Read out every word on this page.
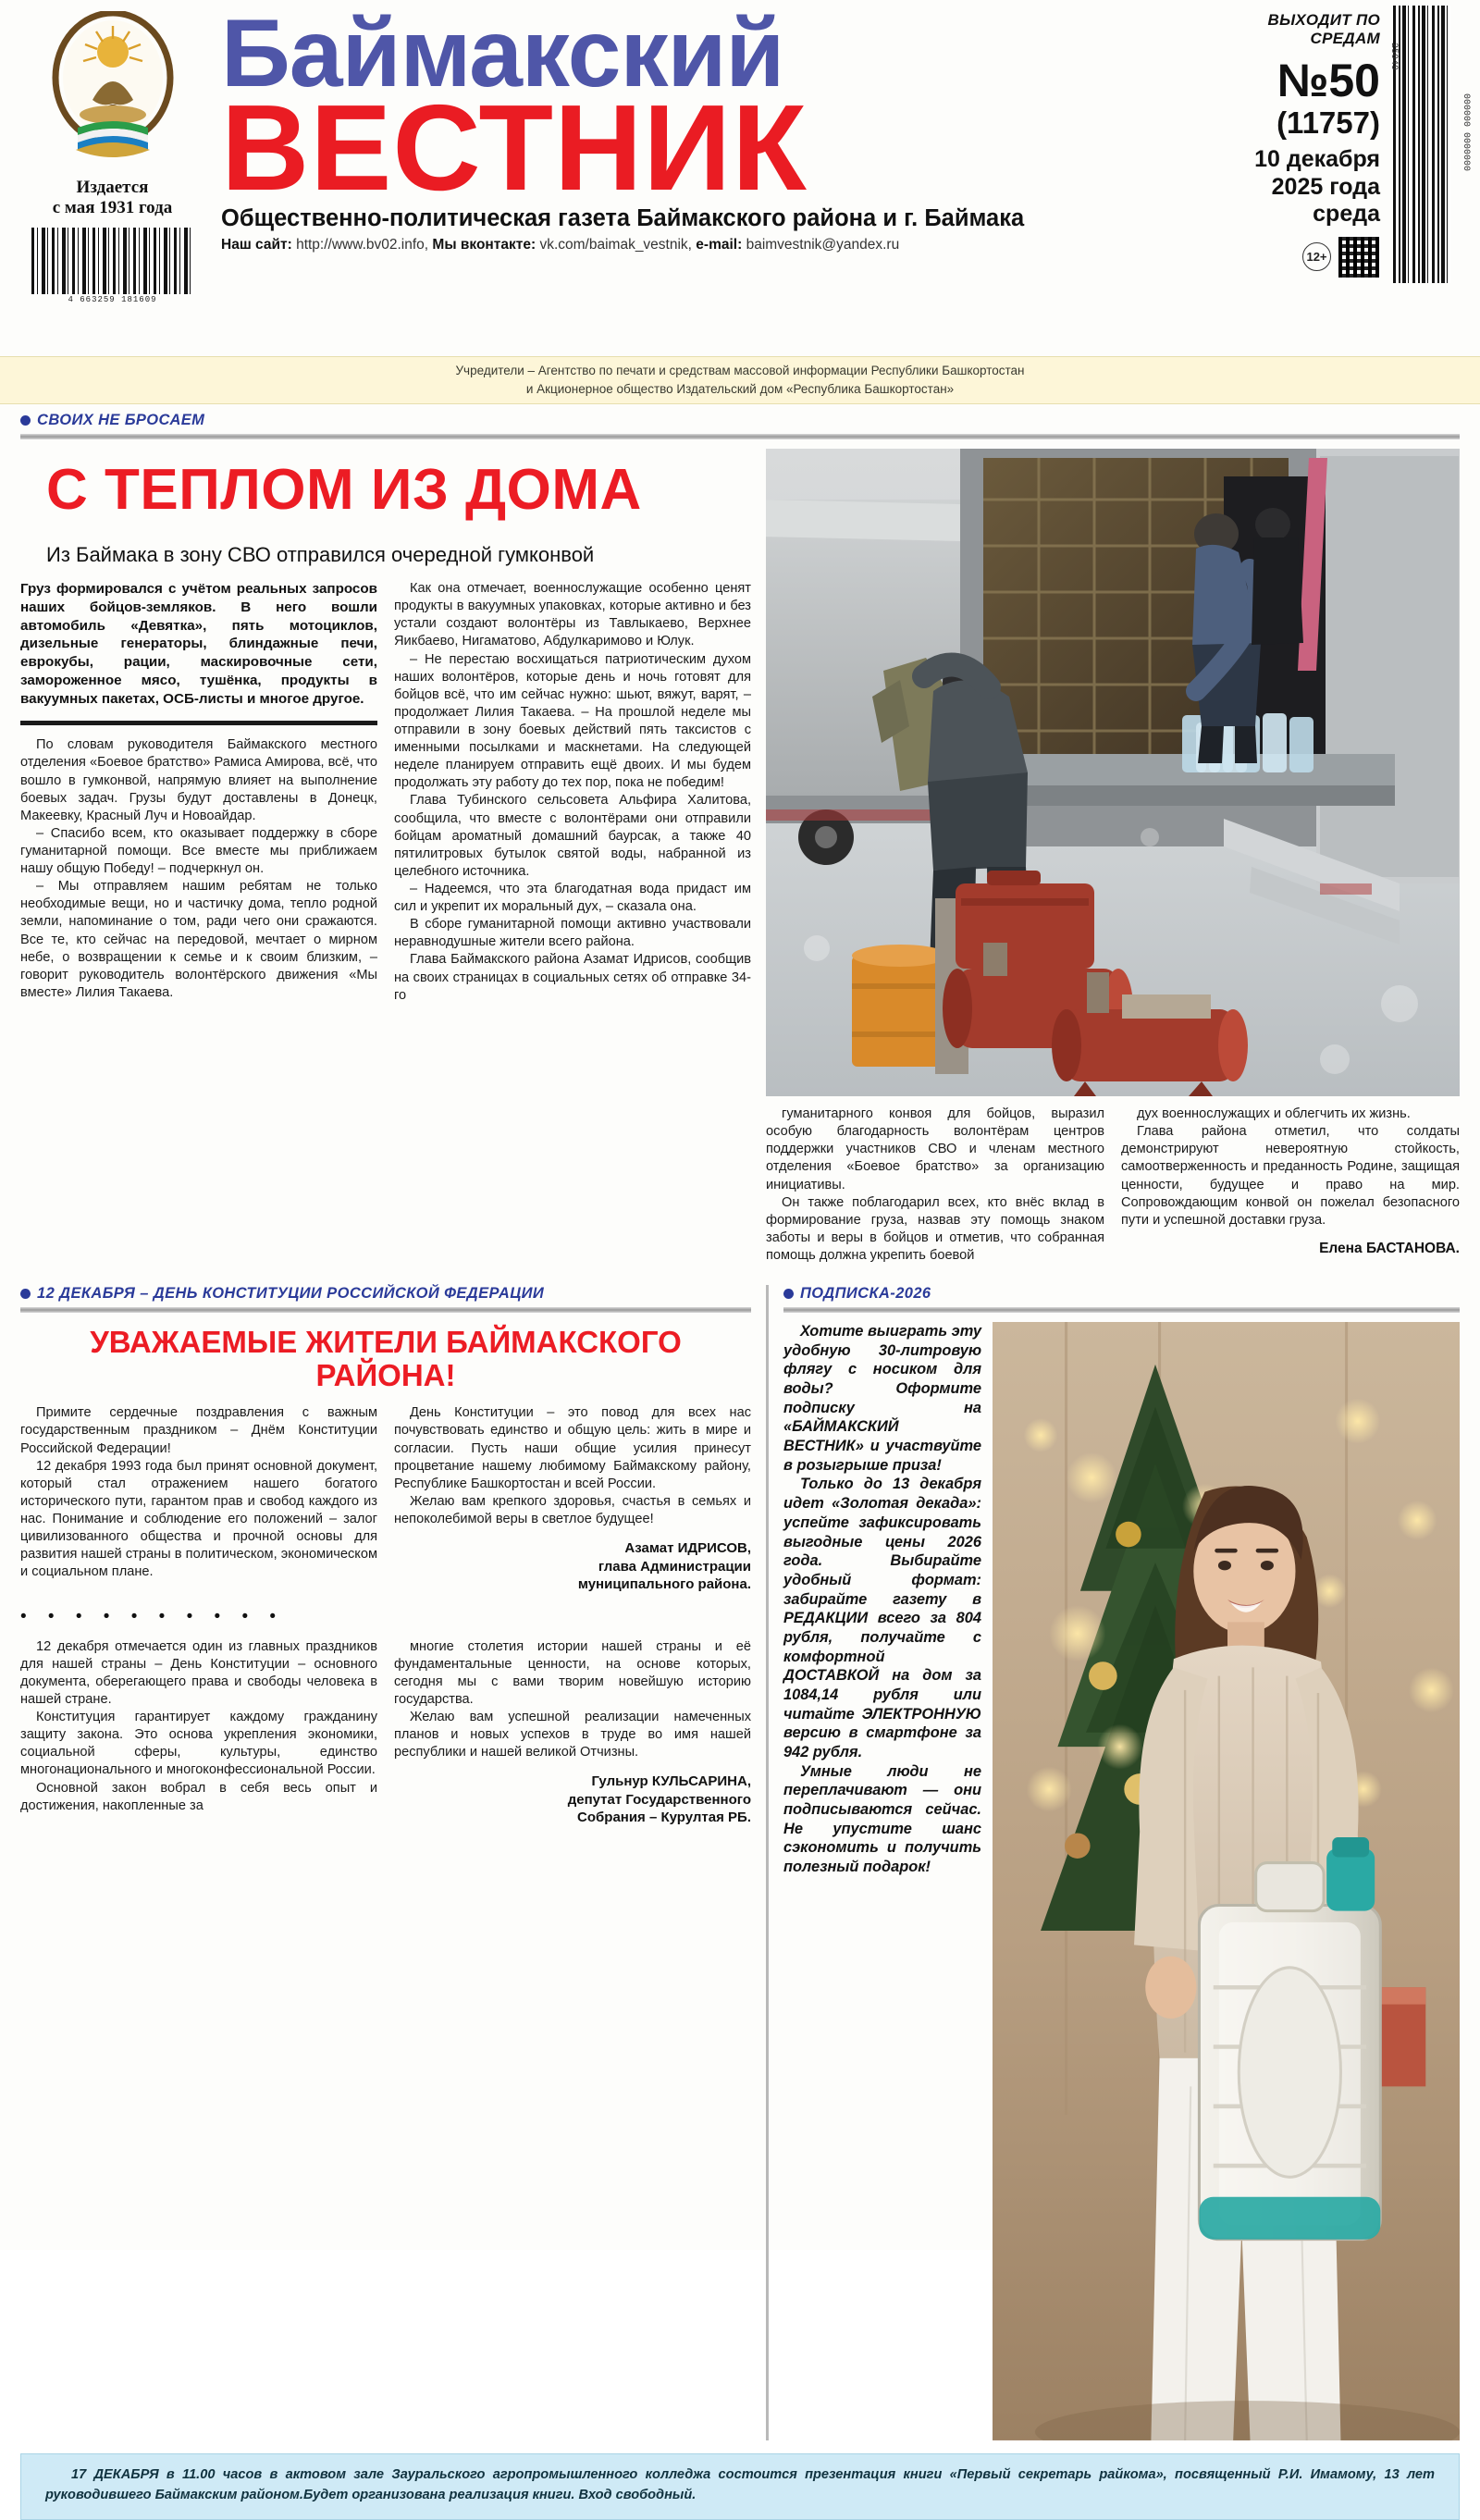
Издается
с мая 1931 года
4 663259 181609
Баймакский
ВЕСТНИК
Общественно-политическая газета Баймакского района и г. Баймака
Наш сайт: http://www.bv02.info, Мы вконтакте: vk.com/baimak_vestnik, e-mail: baimvestnik@yandex.ru
ВЫХОДИТ ПО СРЕДАМ
№50
(11757)
10 декабря
2025 года
среда
12+
25049
000000 0000000
Учредители – Агентство по печати и средствам массовой информации Республики Башкортостан
и Акционерное общество Издательский дом «Республика Башкортостан»
СВОИХ НЕ БРОСАЕМ
С ТЕПЛОМ ИЗ ДОМА
Из Баймака в зону СВО отправился очередной гумконвой
Груз формировался с учётом реальных запросов наших бойцов-земляков. В него вошли автомобиль «Девятка», пять мотоциклов, дизельные генераторы, блиндажные печи, еврокубы, рации, маскировочные сети, замороженное мясо, тушёнка, продукты в вакуумных пакетах, ОСБ-листы и многое другое.

По словам руководителя Баймакского местного отделения «Боевое братство» Рамиса Амирова, всё, что вошло в гумконвой, напрямую влияет на выполнение боевых задач. Грузы будут доставлены в Донецк, Макеевку, Красный Луч и Новоайдар.

– Спасибо всем, кто оказывает поддержку в сборе гуманитарной помощи. Все вместе мы приближаем нашу общую Победу! – подчеркнул он.

– Мы отправляем нашим ребятам не только необходимые вещи, но и частичку дома, тепло родной земли, напоминание о том, ради чего они сражаются. Все те, кто сейчас на передовой, мечтает о мирном небе, о возвращении к семье и к своим близким, – говорит руководитель волонтёрского движения «Мы вместе» Лилия Такаева.

Как она отмечает, военнослужащие особенно ценят продукты в вакуумных упаковках, которые активно и без устали создают волонтёры из Тавлыкаево, Верхнее Яикбаево, Нигаматово, Абдулкаримово и Юлук.

– Не перестаю восхищаться патриотическим духом наших волонтёров, которые день и ночь готовят для бойцов всё, что им сейчас нужно: шьют, вяжут, варят, – продолжает Лилия Такаева. – На прошлой неделе мы отправили в зону боевых действий пять таксистов с именными посылками и маскнетами. На следующей неделе планируем отправить ещё двоих. И мы будем продолжать эту работу до тех пор, пока не победим!

Глава Тубинского сельсовета Альфира Халитова, сообщила, что вместе с волонтёрами они отправили бойцам ароматный домашний баурсак, а также 40 пятилитровых бутылок святой воды, набранной из целебного источника.

– Надеемся, что эта благодатная вода придаст им сил и укрепит их моральный дух, – сказала она.

В сборе гуманитарной помощи активно участвовали неравнодушные жители всего района.

Глава Баймакского района Азамат Идрисов, сообщив на своих страницах в социальных сетях об отправке 34-го

гуманитарного конвоя для бойцов, выразил особую благодарность волонтёрам центров поддержки участников СВО и членам местного отделения «Боевое братство» за организацию инициативы.

Он также поблагодарил всех, кто внёс вклад в формирование груза, назвав эту помощь знаком заботы и веры в бойцов и отметив, что собранная помощь должна укрепить боевой

дух военнослужащих и облегчить их жизнь.

Глава района отметил, что солдаты демонстрируют невероятную стойкость, самоотверженность и преданность Родине, защищая ценности, будущее и право на мир. Сопровождающим конвой он пожелал безопасного пути и успешной доставки груза.

Елена БАСТАНОВА.
12 ДЕКАБРЯ – ДЕНЬ КОНСТИТУЦИИ РОССИЙСКОЙ ФЕДЕРАЦИИ
УВАЖАЕМЫЕ ЖИТЕЛИ БАЙМАКСКОГО РАЙОНА!

Примите сердечные поздравления с важным государственным праздником – Днём Конституции Российской Федерации!

12 декабря 1993 года был принят основной документ, который стал отражением нашего богатого исторического пути, гарантом прав и свобод каждого из нас. Понимание и соблюдение его положений – залог цивилизованного общества и прочной основы для развития нашей страны в политическом, экономическом и социальном плане.

День Конституции – это повод для всех нас почувствовать единство и общую цель: жить в мире и согласии. Пусть наши общие усилия принесут процветание нашему любимому Баймакскому району, Республике Башкортостан и всей России.

Желаю вам крепкого здоровья, счастья в семьях и непоколебимой веры в светлое будущее!

Азамат ИДРИСОВ,
глава Администрации
муниципального района.
• • • • • • • • • •

12 декабря отмечается один из главных праздников для нашей страны – День Конституции – основного документа, оберегающего права и свободы человека в нашей стране.

Конституция гарантирует каждому гражданину защиту закона. Это основа укрепления экономики, социальной сферы, культуры, единство многонационального и многоконфессиональной России.

Основной закон вобрал в себя весь опыт и достижения, накопленные за

многие столетия истории нашей страны и её фундаментальные ценности, на основе которых, сегодня мы с вами творим новейшую историю государства.

Желаю вам успешной реализации намеченных планов и новых успехов в труде во имя нашей республики и нашей великой Отчизны.

Гульнур КУЛЬСАРИНА,
депутат Государственного
Собрания – Курултая РБ.
ПОДПИСКА-2026

Хотите выиграть эту удобную 30-литровую флягу с носиком для воды? Оформите подписку на «БАЙМАКСКИЙ ВЕСТНИК» и участвуйте в розыгрыше приза!

Только до 13 декабря идет «Золотая декада»: успейте зафиксировать выгодные цены 2026 года. Выбирайте удобный формат: забирайте газету в РЕДАКЦИИ всего за 804 рубля, получайте с комфортной ДОСТАВКОЙ на дом за 1084,14 рубля или читайте ЭЛЕКТРОННУЮ версию в смартфоне за 942 рубля.

Умные люди не переплачивают — они подписываются сейчас. Не упустите шанс сэкономить и получить полезный подарок!

17 ДЕКАБРЯ в 11.00 часов в актовом зале Зауральского агропромышленного колледжа состоится презентация книги «Первый секретарь райкома», посвященный Р.И. Имамому, 13 лет руководившего Баймакским районом.Будет организована реализация книги. Вход свободный.
